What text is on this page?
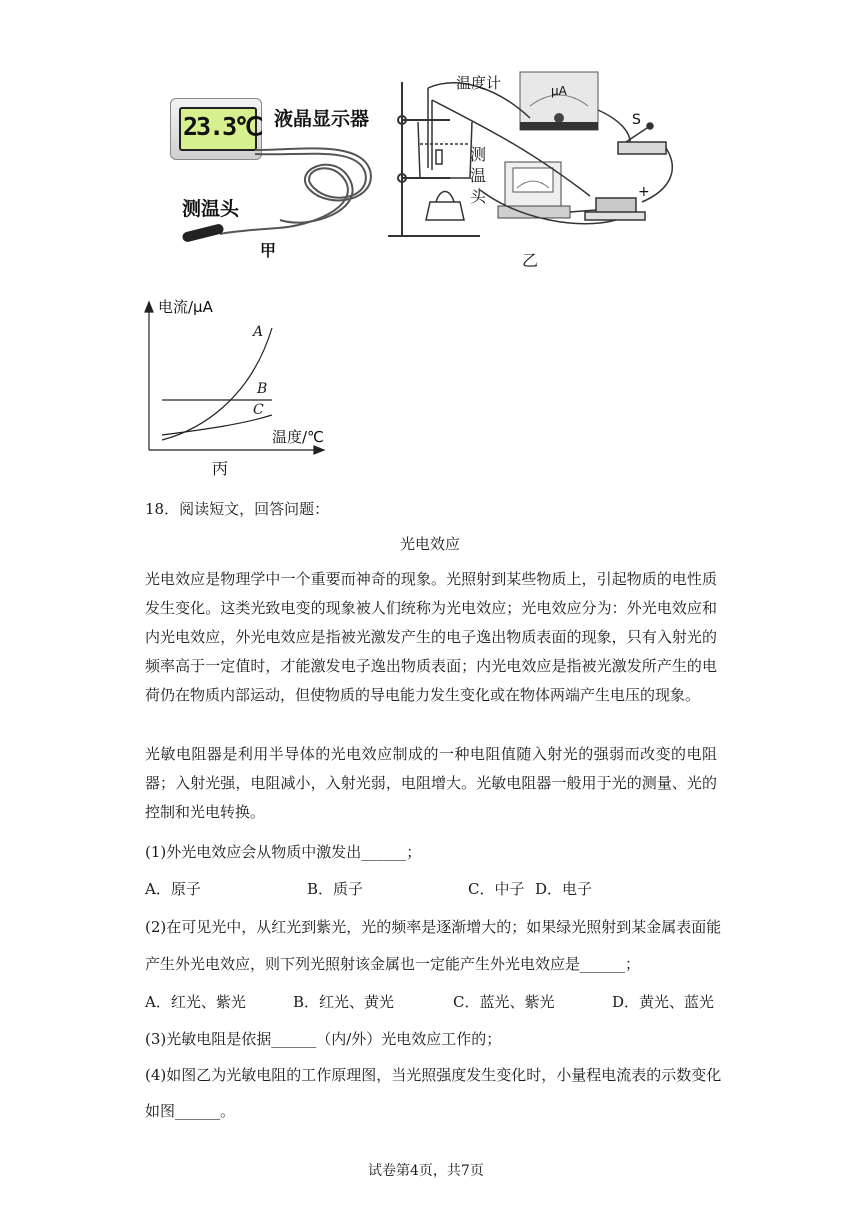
23.3℃ 液晶显示器
测温头
甲
温度计	μA
S
+
测
温
头
乙
电流/μA
A
B
C
温度/℃
丙
18．阅读短文，回答问题：
光电效应
光电效应是物理学中一个重要而神奇的现象。光照射到某些物质上，引起物质的电性质发生变化。这类光致电变的现象被人们统称为光电效应；光电效应分为：外光电效应和内光电效应，外光电效应是指被光激发产生的电子逸出物质表面的现象，只有入射光的频率高于一定值时，才能激发电子逸出物质表面；内光电效应是指被光激发所产生的电荷仍在物质内部运动，但使物质的导电能力发生变化或在物体两端产生电压的现象。
光敏电阻器是利用半导体的光电效应制成的一种电阻值随入射光的强弱而改变的电阻器；入射光强，电阻减小，入射光弱，电阻增大。光敏电阻器一般用于光的测量、光的控制和光电转换。
(1)外光电效应会从物质中激发出______；
A．原子	B．质子	C．中子 D．电子
(2)在可见光中，从红光到紫光，光的频率是逐渐增大的；如果绿光照射到某金属表面能
产生外光电效应，则下列光照射该金属也一定能产生外光电效应是______；
A．红光、紫光	B．红光、黄光	C．蓝光、紫光	D．黄光、蓝光
(3)光敏电阻是依据______（内/外）光电效应工作的；
(4)如图乙为光敏电阻的工作原理图，当光照强度发生变化时，小量程电流表的示数变化
如图______。
试卷第4页，共7页
